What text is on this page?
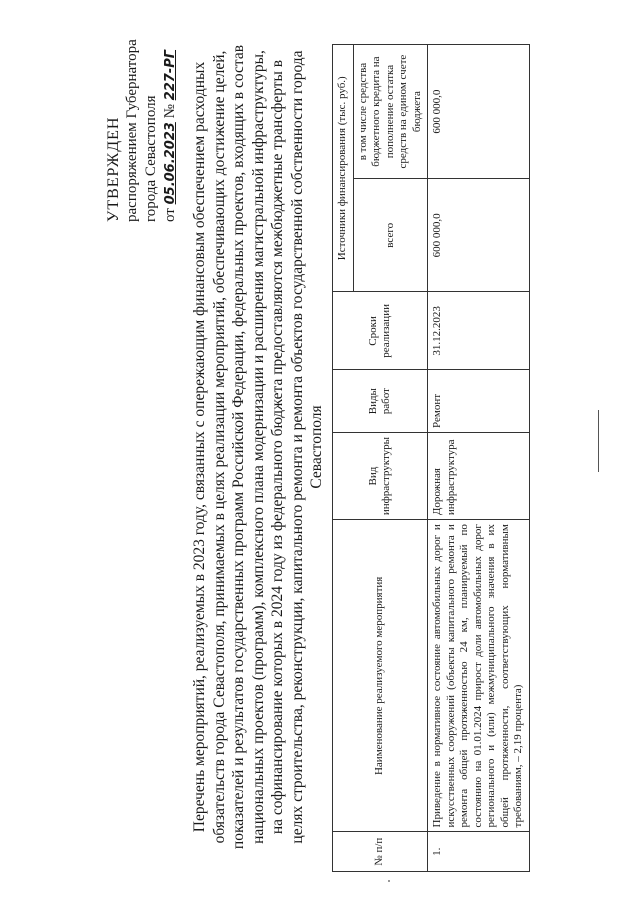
УТВЕРЖДЕН распоряжением Губернатора города Севастополя от 05.06.2023 № 227-РГ Перечень мероприятий, реализуемых в 2023 году, связанных с опережающим финансовым обеспечением расходных обязательств города Севастополя, принимаемых в целях реализации мероприятий, обеспечивающих достижение целей, показателей и результатов государственных программ Российской Федерации, федеральных проектов, входящих в состав национальных проектов (программ), комплексного плана модернизации и расширения магистральной инфраструктуры, на софинансирование которых в 2024 году из федерального бюджета предоставляются межбюджетные трансферты в целях строительства, реконструкции, капитального ремонта и ремонта объектов государственной собственности города Севастополя
№ п/п	Наименование реализуемого мероприятия	Вид инфраструктуры	Виды работ	Сроки реализации	Источники финансирования (тыс. руб.)	
					всего	в том числе средства бюджетного кредита на пополнение остатка средств на едином счете бюджета
1.	Приведение в нормативное состояние автомобильных дорог и искусственных сооружений (объекты капитального ремонта и ремонта общей протяженностью 24 км, планируемый по состоянию на 01.01.2024 прирост доли автомобильных дорог регионального и (или) межмуниципального значения в их общей протяженности, соответствующих нормативным требованиям, – 2,19 процента)	Дорожная инфраструктура	Ремонт	31.12.2023	600 000,0	600 000,0
